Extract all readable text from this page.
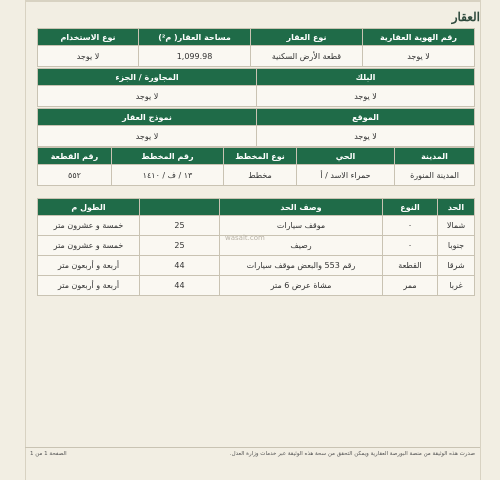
العقار
رقم الهوية العقارية	نوع العقار	مساحة العقار( م²)	نوع الاستخدام
لا يوجد	قطعة الأرض السكنية	1,099.98	لا يوجد
البلك	المجاورة / الجزء
لا يوجد	لا يوجد
الموقع	نموذج العقار
لا يوجد	لا يوجد
المدينة	الحي	نوع المخطط	رقم المخطط	رقم القطعة
المدينة المنورة	حمراء الاسد / أ	مخطط	١٣ / ف / ١٤١٠	٥٥٢
الحد	النوع	وصف الحد		الطول م
شمالا	٠	موقف سيارات	25	خمسة و عشرون متر
جنوبا	٠	رصيف	25	خمسة و عشرون متر
شرقا	القطعة	رقم 553 والبعض موقف سيارات	44	أربعة و أربعون متر
غربا	ممر	مشاة عرض 6 متر	44	أربعة و أربعون متر
wasalt.com
صدرت هذه الوثيقة من منصة البورصة العقارية ويمكن التحقق من سحة هذه الوثيقة عبر خدمات وزارة العدل.
الصفحة 1 من 1
